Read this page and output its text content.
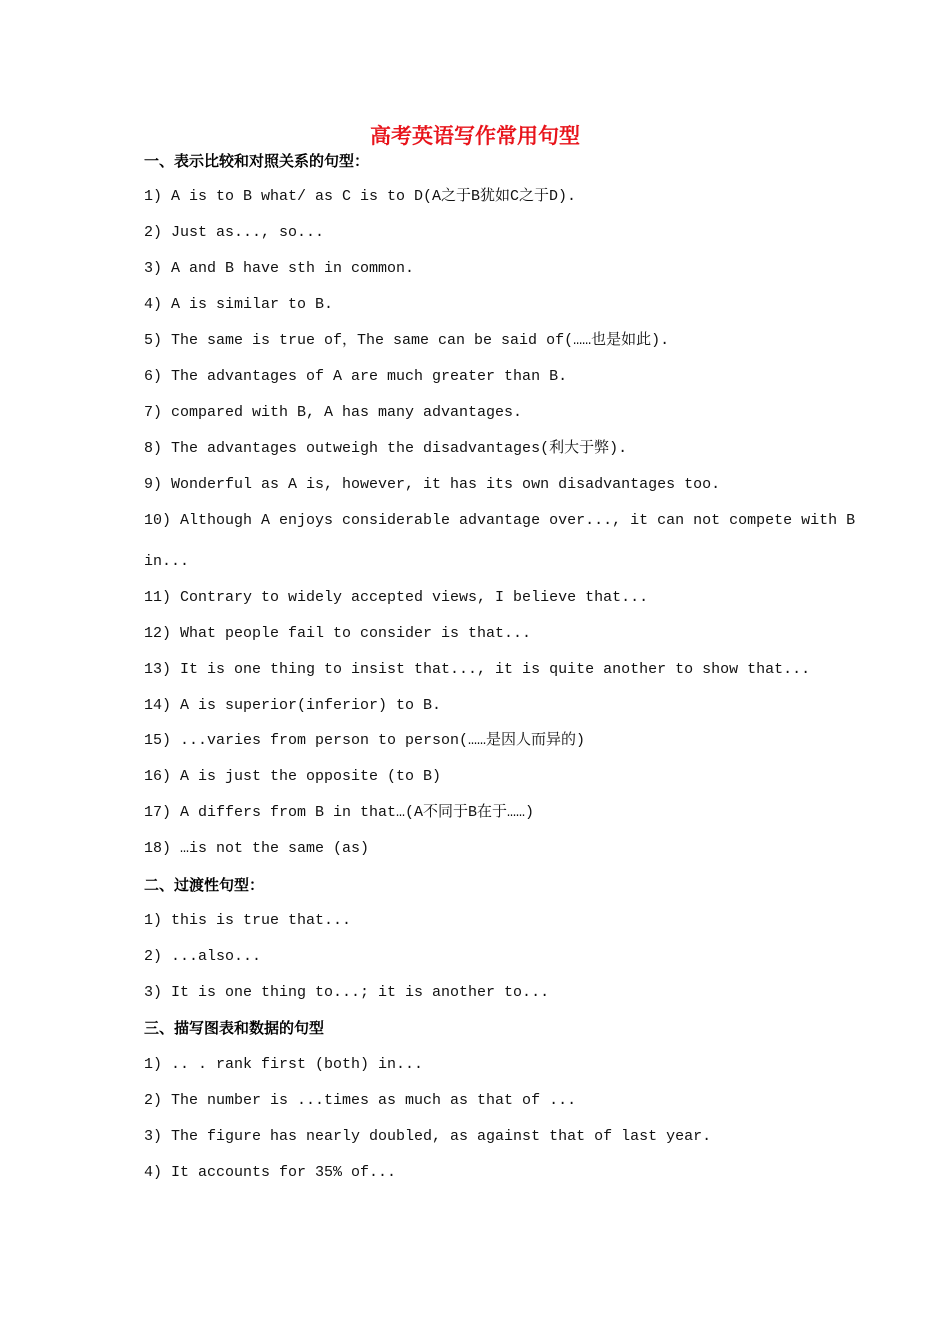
高考英语写作常用句型

一、表示比较和对照关系的句型：

1) A is to B what/ as C is to D(A之于B犹如C之于D).

2) Just as..., so...

3) A and B have sth in common.

4) A is similar to B.

5) The same is true of，The same can be said of(……也是如此).

6) The advantages of A are much greater than B.

7) compared with B, A has many advantages.

8) The advantages outweigh the disadvantages(利大于弊).

9) Wonderful as A is, however, it has its own disadvantages too.

10) Although A enjoys considerable advantage over..., it can not compete with B

in...

11) Contrary to widely accepted views, I believe that...

12) What people fail to consider is that...

13) It is one thing to insist that..., it is quite another to show that...

14) A is superior(inferior) to B.

15) ...varies from person to person(……是因人而异的)

16) A is just the opposite (to B)

17) A differs from B in that…(A不同于B在于……)

18) …is not the same (as)

二、过渡性句型：

1) this is true that...

2) ...also...

3) It is one thing to...; it is another to...

三、描写图表和数据的句型

1) .. . rank first (both) in...

2) The number is ...times as much as that of ...

3) The figure has nearly doubled, as against that of last year.

4) It accounts for 35% of...
